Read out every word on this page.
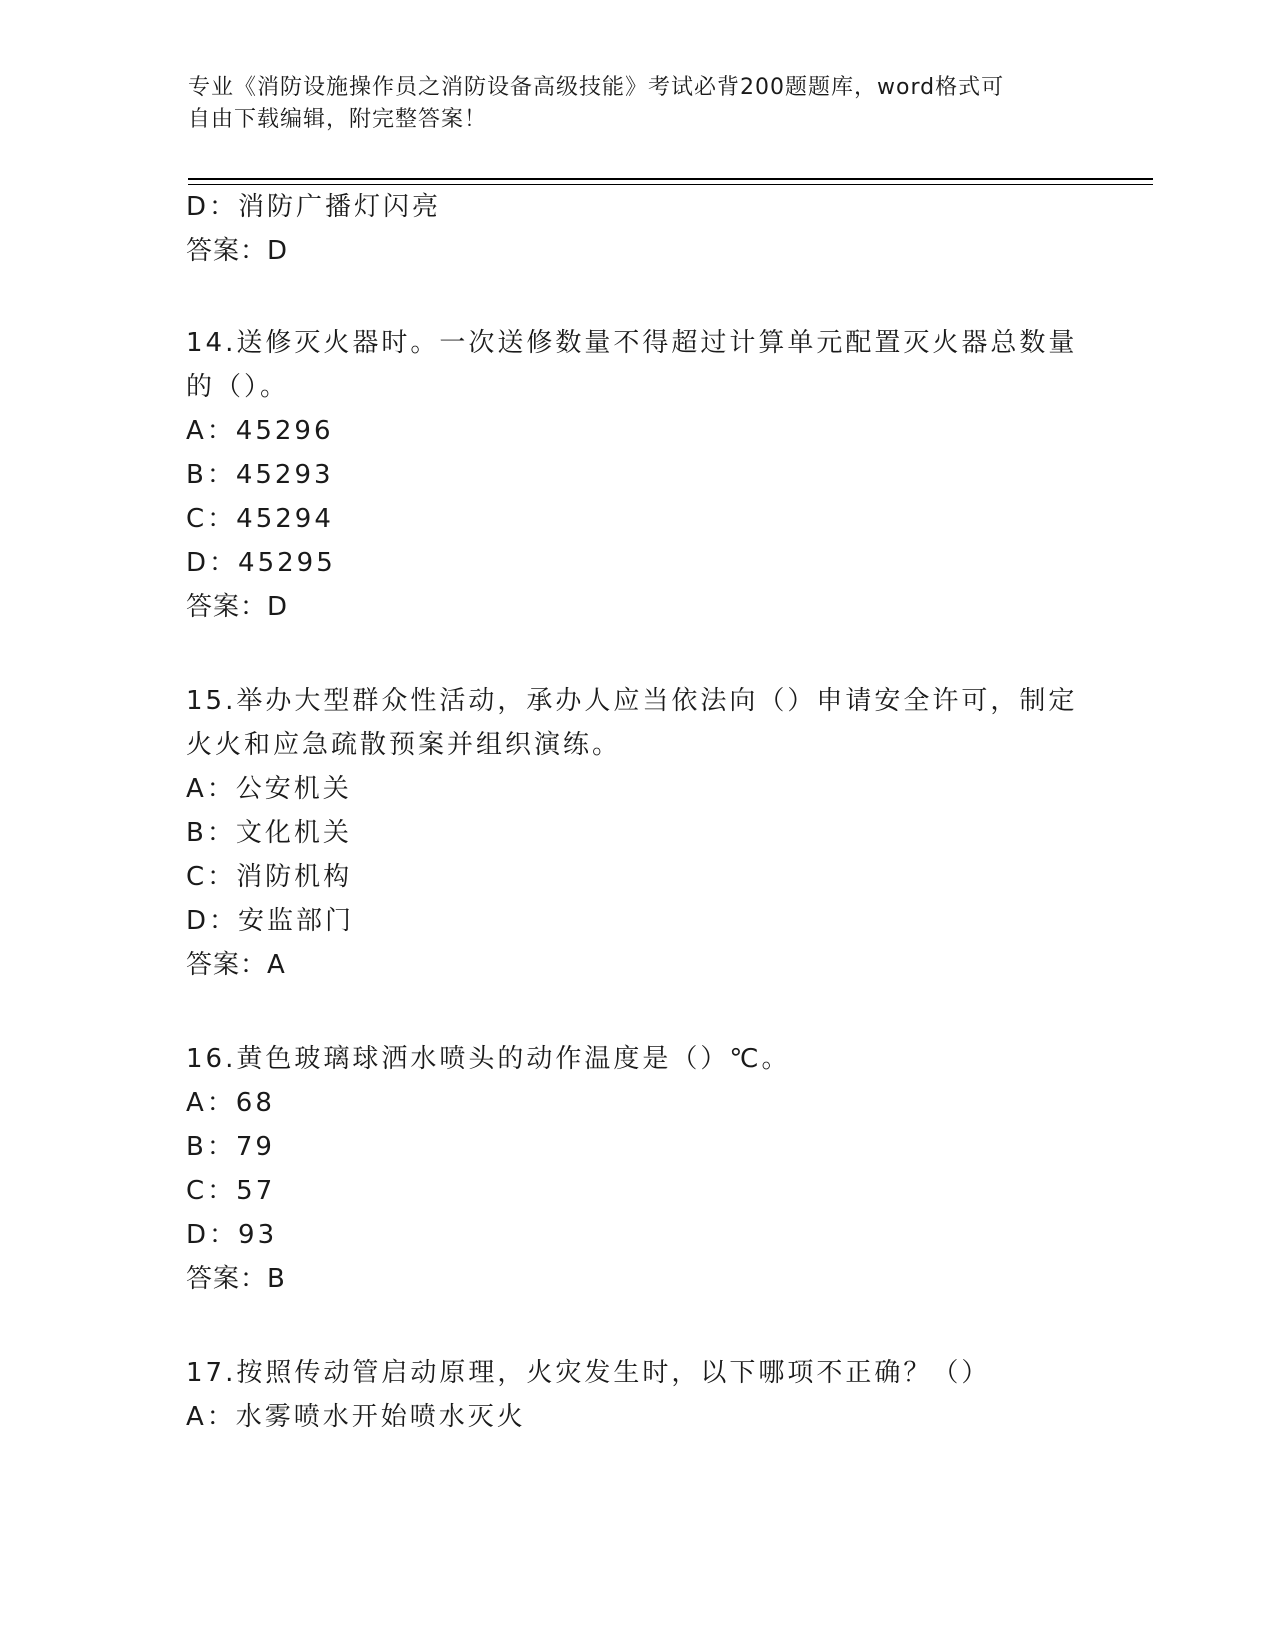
专业《消防设施操作员之消防设备高级技能》考试必背200题题库，word格式可
自由下载编辑，附完整答案！
D：消防广播灯闪亮
答案：D
14.送修灭火器时。一次送修数量不得超过计算单元配置灭火器总数量
的（）。
A：45296
B：45293
C：45294
D：45295
答案：D
15.举办大型群众性活动，承办人应当依法向（）申请安全许可，制定
火火和应急疏散预案并组织演练。
A：公安机关
B：文化机关
C：消防机构
D：安监部门
答案：A
16.黄色玻璃球洒水喷头的动作温度是（）℃。
A：68
B：79
C：57
D：93
答案：B
17.按照传动管启动原理，火灾发生时，以下哪项不正确？（）
A：水雾喷水开始喷水灭火
